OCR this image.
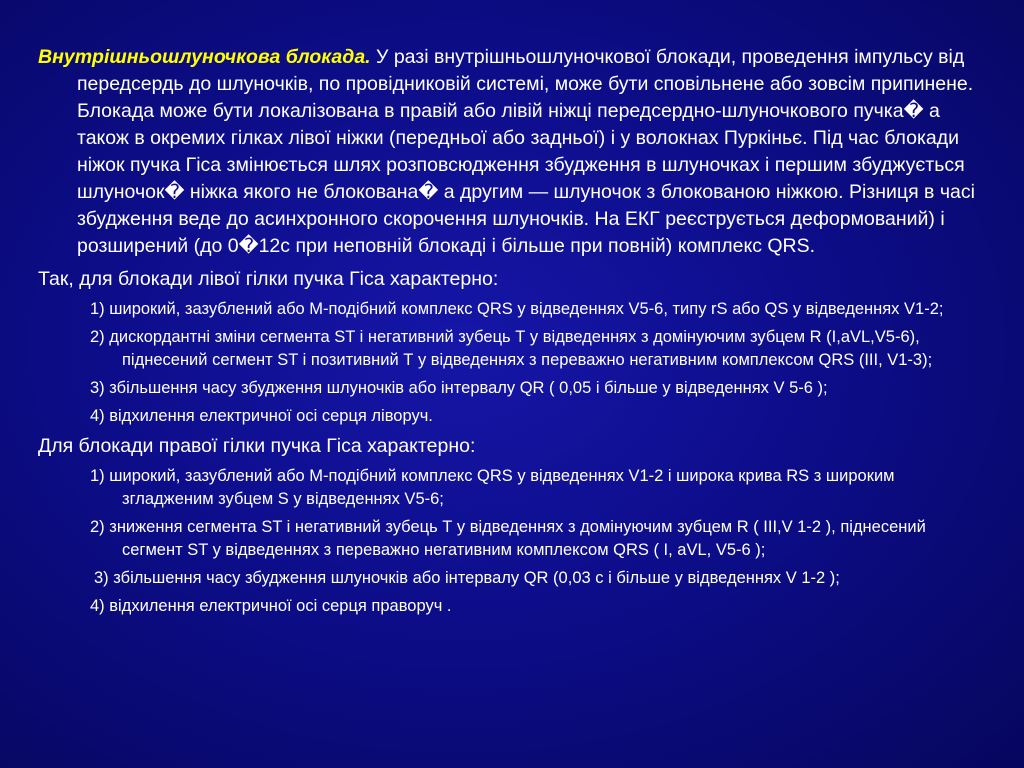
Внутрішньошлуночкова блокада. У разі внутрішньошлуночкової блокади, проведення імпульсу від передсердь до шлуночків, по провідниковій системі, може бути сповільнене або зовсім припинене. Блокада може бути локалізована в правій або лівій ніжці передсердно-шлуночкового пучка� а також в окремих гілках лівої ніжки (передньої або задньої) і у волокнах Пуркіньє. Під час блокади ніжок пучка Гіса змінюється шлях розповсюдження збудження в шлуночках і першим збуджується шлуночок� ніжка якого не блокована� а другим — шлуночок з блокованою ніжкою. Різниця в часі збудження веде до асинхронного скорочення шлуночків. На ЕКГ реєструється деформований) і розширений (до 0�12с при неповній блокаді і більше при повній) комплекс QRS.

Так, для блокади лівої гілки пучка Гіса характерно:

1) широкий, зазублений або М-подібний комплекс QRS у відведеннях V5-6, типу rS або QS у відведеннях V1-2;

2) дискордантні зміни сегмента ST і негативний зубець Т у відведеннях з домінуючим зубцем R (I,aVL,V5-6), піднесений сегмент ST і позитивний Т у відведеннях з переважно негативним комплексом QRS (III, V1-3);

3) збільшення часу збудження шлуночків або інтервалу QR ( 0,05 і більше у відведеннях V 5-6 );

4) відхилення електричної осі серця ліворуч.

Для блокади правої гілки пучка Гіса характерно:

1) широкий, зазублений або М-подібний комплекс QRS у відведеннях V1-2 і широка крива RS з широким згладженим зубцем S у відведеннях V5-6;

2) зниження сегмента ST і негативний зубець Т у відведеннях з домінуючим зубцем R ( III,V 1-2 ), піднесений сегмент ST у відведеннях з переважно негативним комплексом QRS ( I, aVL, V5-6 );

3) збільшення часу збудження шлуночків або інтервалу QR (0,03 с і більше у відведеннях V 1-2 );

4) відхилення електричної осі серця праворуч .
